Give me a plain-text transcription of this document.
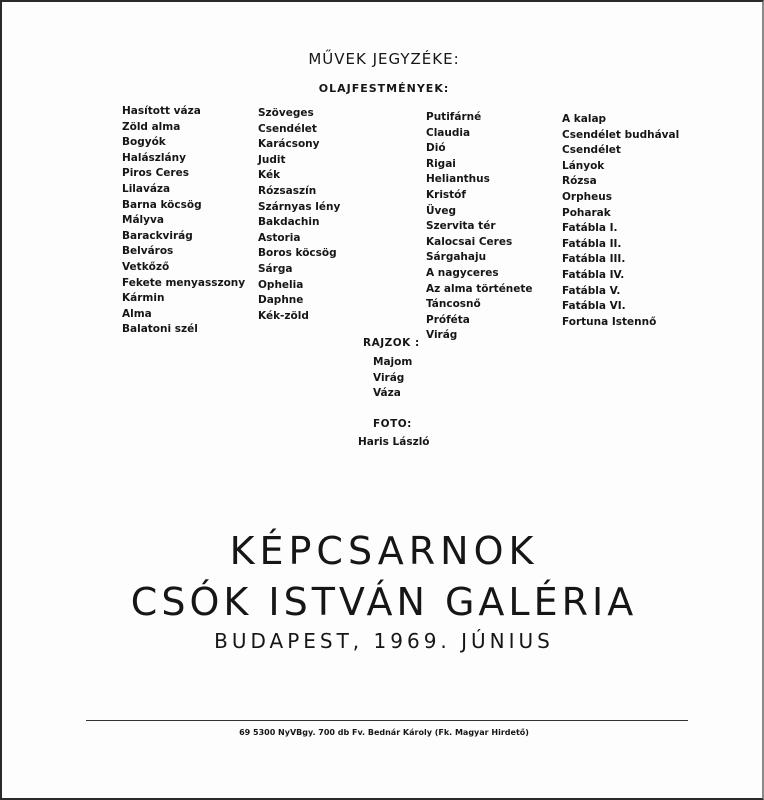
MŰVEK JEGYZÉKE:
OLAJFESTMÉNYEK:
Hasított váza
Zöld alma
Bogyók
Halászlány
Piros Ceres
Lilaváza
Barna köcsög
Mályva
Barackvirág
Belváros
Vetkőző
Fekete menyasszony
Kármin
Alma
Balatoni szél
Szöveges
Csendélet
Karácsony
Judit
Kék
Rózsaszín
Szárnyas lény
Bakdachin
Astoria
Boros köcsög
Sárga
Ophelia
Daphne
Kék-zöld
Putifárné
Claudia
Dió
Rigai
Helianthus
Kristóf
Üveg
Szervita tér
Kalocsai Ceres
Sárgahaju
A nagyceres
Az alma története
Táncosnő
Próféta
Virág
A kalap
Csendélet budhával
Csendélet
Lányok
Rózsa
Orpheus
Poharak
Fatábla I.
Fatábla II.
Fatábla III.
Fatábla IV.
Fatábla V.
Fatábla VI.
Fortuna Istennő
RAJZOK :
Majom
Virág
Váza
FOTO:
Haris László
KÉPCSARNOK
CSÓK ISTVÁN GALÉRIA
BUDAPEST, 1969. JÚNIUS
69 5300 NyVBgy. 700 db Fv. Bednár Károly (Fk. Magyar Hirdető)
